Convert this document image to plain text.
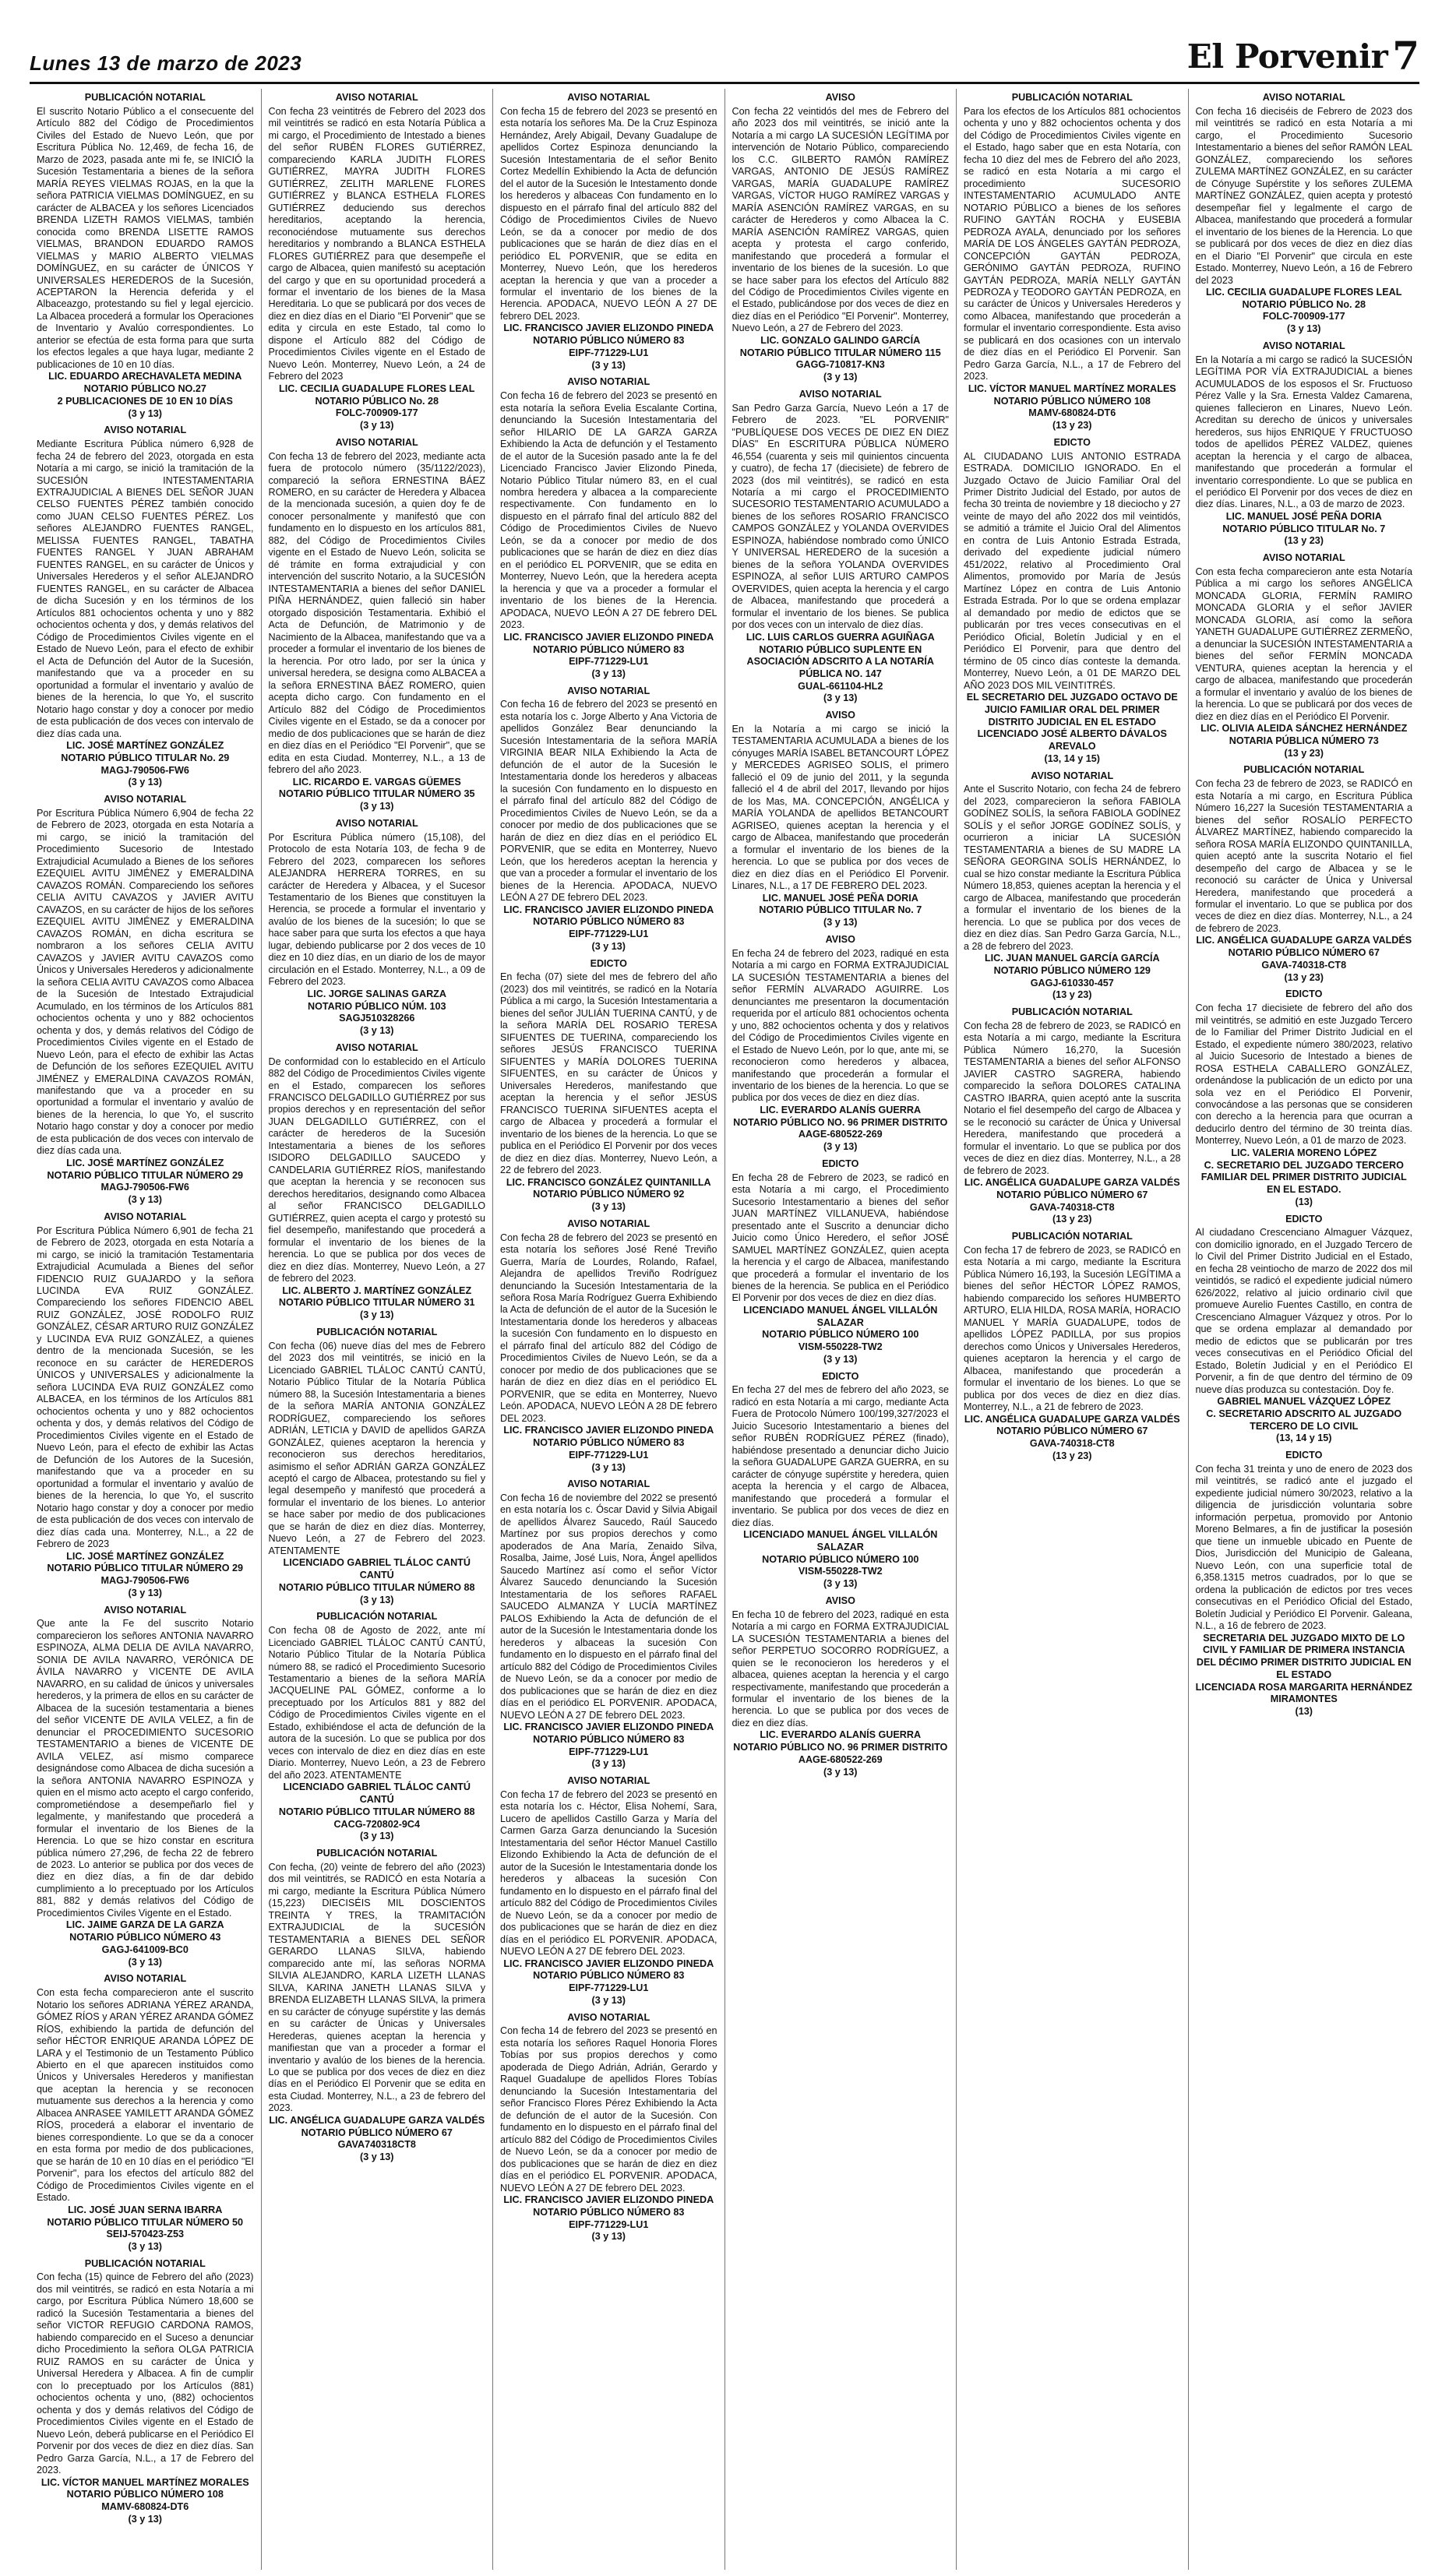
Lunes 13 de marzo de 2023	El Porvenir 7
PUBLICACIÓN NOTARIAL

El suscrito Notario Público a el consecuente del Artículo 882 del Código de Procedimientos Civiles del Estado de Nuevo León, que por Escritura Pública No. 12,469, de fecha 16, de Marzo de 2023, pasada ante mi fe, se INICIÓ la Sucesión Testamentaria a bienes de la señora MARÍA REYES VIELMAS ROJAS, en la que la señora PATRICIA VIELMAS DOMÍNGUEZ, en su carácter de ALBACEA y los señores Licenciados BRENDA LIZETH RAMOS VIELMAS, también conocida como BRENDA LISETTE RAMOS VIELMAS, BRANDON EDUARDO RAMOS VIELMAS y MARIO ALBERTO VIELMAS DOMÍNGUEZ, en su carácter de ÚNICOS Y UNIVERSALES HEREDEROS de la Sucesión, ACEPTARON la Herencia deferida y el Albaceazgo, protestando su fiel y legal ejercicio. La Albacea procederá a formular los Operaciones de Inventario y Avalúo correspondientes. Lo anterior se efectúa de esta forma para que surta los efectos legales a que haya lugar, mediante 2 publicaciones de 10 en 10 días.

LIC. EDUARDO ARECHAVALETA MEDINA
NOTARIO PÚBLICO NO.27
2 PUBLICACIONES DE 10 EN 10 DÍAS
(3 y 13)
AVISO NOTARIAL

Mediante Escritura Pública número 6,928 de fecha 24 de febrero del 2023, otorgada en esta Notaría a mi cargo, se inició la tramitación de la SUCESIÓN INTESTAMENTARIA EXTRAJUDICIAL A BIENES DEL SEÑOR JUAN CELSO FUENTES PÉREZ también conocido como JUAN CELSO FUENTES PÉREZ. Los señores ALEJANDRO FUENTES RANGEL, MELISSA FUENTES RANGEL, TABATHA FUENTES RANGEL Y JUAN ABRAHAM FUENTES RANGEL, en su carácter de Únicos y Universales Herederos y el señor ALEJANDRO FUENTES RANGEL, en su carácter de Albacea de dicha Sucesión y en los términos de los Artículos 881 ochocientos ochenta y uno y 882 ochocientos ochenta y dos, y demás relativos del Código de Procedimientos Civiles vigente en el Estado de Nuevo León, para el efecto de exhibir el Acta de Defunción del Autor de la Sucesión, manifestando que va a proceder en su oportunidad a formular el inventario y avalúo de bienes de la herencia, lo que Yo, el suscrito Notario hago constar y doy a conocer por medio de esta publicación de dos veces con intervalo de diez días cada una.

LIC. JOSÉ MARTÍNEZ GONZÁLEZ
NOTARIO PÚBLICO TITULAR No. 29
MAGJ-790506-FW6
(3 y 13)
AVISO NOTARIAL

Por Escritura Pública Número 6,904 de fecha 22 de Febrero de 2023, otorgada en esta Notaría a mi cargo, se inició la tramitación del Procedimiento Sucesorio de Intestado Extrajudicial Acumulado a Bienes de los señores EZEQUIEL AVITU JIMÉNEZ y EMERALDINA CAVAZOS ROMÁN. Compareciendo los señores CELIA AVITU CAVAZOS y JAVIER AVITU CAVAZOS, en su carácter de hijos de los señores EZEQUIEL AVITU JIMÉNEZ y EMERALDINA CAVAZOS ROMÁN, en dicha escritura se nombraron a los señores CELIA AVITU CAVAZOS y JAVIER AVITU CAVAZOS como Únicos y Universales Herederos y adicionalmente la señora CELIA AVITU CAVAZOS como Albacea de la Sucesión de Intestado Extrajudicial Acumulado, en los términos de los Artículos 881 ochocientos ochenta y uno y 882 ochocientos ochenta y dos, y demás relativos del Código de Procedimientos Civiles vigente en el Estado de Nuevo León, para el efecto de exhibir las Actas de Defunción de los señores EZEQUIEL AVITU JIMÉNEZ y EMERALDINA CAVAZOS ROMÁN, manifestando que va a proceder en su oportunidad a formular el inventario y avalúo de bienes de la herencia, lo que Yo, el suscrito Notario hago constar y doy a conocer por medio de esta publicación de dos veces con intervalo de diez días cada una.

LIC. JOSÉ MARTÍNEZ GONZÁLEZ
NOTARIO PÚBLICO TITULAR NÚMERO 29
MAGJ-790506-FW6
(3 y 13)
AVISO NOTARIAL

Por Escritura Pública Número 6,901 de fecha 21 de Febrero de 2023, otorgada en esta Notaría a mi cargo, se inició la tramitación Testamentaria Extrajudicial Acumulada a Bienes del señor FIDENCIO RUIZ GUAJARDO y la señora LUCINDA EVA RUIZ GONZÁLEZ. Compareciendo los señores FIDENCIO ABEL RUIZ GONZÁLEZ, JOSÉ RODOLFO RUIZ GONZÁLEZ, CÉSAR ARTURO RUIZ GONZÁLEZ y LUCINDA EVA RUIZ GONZÁLEZ, a quienes dentro de la mencionada Sucesión, se les reconoce en su carácter de HEREDEROS ÚNICOS y UNIVERSALES y adicionalmente la señora LUCINDA EVA RUIZ GONZÁLEZ como ALBACEA, en los términos de los Artículos 881 ochocientos ochenta y uno y 882 ochocientos ochenta y dos, y demás relativos del Código de Procedimientos Civiles vigente en el Estado de Nuevo León, para el efecto de exhibir las Actas de Defunción de los Autores de la Sucesión, manifestando que va a proceder en su oportunidad a formular el inventario y avalúo de bienes de la herencia, lo que Yo, el suscrito Notario hago constar y doy a conocer por medio de esta publicación de dos veces con intervalo de diez días cada una. Monterrey, N.L., a 22 de Febrero de 2023

LIC. JOSÉ MARTÍNEZ GONZÁLEZ
NOTARIO PÚBLICO TITULAR NÚMERO 29
MAGJ-790506-FW6
(3 y 13)
AVISO NOTARIAL

Que ante la Fe del suscrito Notario comparecieron los señores ANTONIA NAVARRO ESPINOZA, ALMA DELIA DE AVILA NAVARRO, SONIA DE AVILA NAVARRO, VERÓNICA DE ÁVILA NAVARRO y VICENTE DE AVILA NAVARRO, en su calidad de únicos y universales herederos, y la primera de ellos en su carácter de Albacea de la sucesión testamentaria a bienes del señor VICENTE DE AVILA VELEZ, a fin de denunciar el PROCEDIMIENTO SUCESORIO TESTAMENTARIO a bienes de VICENTE DE AVILA VELEZ, así mismo comparece designándose como Albacea de dicha sucesión a la señora ANTONIA NAVARRO ESPINOZA y quien en el mismo acto acepto el cargo conferido, comprometiéndose a desempeñarlo fiel y legalmente, y manifestando que procederá a formular el inventario de los Bienes de la Herencia. Lo que se hizo constar en escritura pública número 27,296, de fecha 22 de febrero de 2023. Lo anterior se publica por dos veces de diez en diez días, a fin de dar debido cumplimiento a lo preceptuado por los Artículos 881, 882 y demás relativos del Código de Procedimientos Civiles Vigente en el Estado.

LIC. JAIME GARZA DE LA GARZA
NOTARIO PÚBLICO NÚMERO 43
GAGJ-641009-BC0
(3 y 13)
AVISO NOTARIAL

Con esta fecha comparecieron ante el suscrito Notario los señores ADRIANA YÉREZ ARANDA, GÓMEZ RÍOS y ARAN YÉREZ ARANDA GÓMEZ RÍOS, exhibiendo la partida de defunción del señor HÉCTOR ENRIQUE ARANDA LÓPEZ DE LARA y el Testimonio de un Testamento Público Abierto en el que aparecen instituidos como Únicos y Universales Herederos y manifiestan que aceptan la herencia y se reconocen mutuamente sus derechos a la herencia y como Albacea ANRASEE YAMILETT ARANDA GÓMEZ RÍOS, procederá a elaborar el inventario de bienes correspondiente. Lo que se da a conocer en esta forma por medio de dos publicaciones, que se harán de 10 en 10 días en el periódico "El Porvenir", para los efectos del artículo 882 del Código de Procedimientos Civiles vigente en el Estado.

LIC. JOSÉ JUAN SERNA IBARRA
NOTARIO PÚBLICO TITULAR NÚMERO 50
SEIJ-570423-Z53
(3 y 13)
PUBLICACIÓN NOTARIAL

Con fecha (15) quince de Febrero del año (2023) dos mil veintitrés, se radicó en esta Notaría a mi cargo, por Escritura Pública Número 18,600 se radicó la Sucesión Testamentaria a bienes del señor VICTOR REFUGIO CARDONA RAMOS, habiendo comparecido en el Suceso a denunciar dicho Procedimiento la señora OLGA PATRICIA RUIZ RAMOS en su carácter de Única y Universal Heredera y Albacea. A fin de cumplir con lo preceptuado por los Artículos (881) ochocientos ochenta y uno, (882) ochocientos ochenta y dos y demás relativos del Código de Procedimientos Civiles vigente en el Estado de Nuevo León, deberá publicarse en el Periódico El Porvenir por dos veces de diez en diez días. San Pedro Garza García, N.L., a 17 de Febrero del 2023.

LIC. VÍCTOR MANUEL MARTÍNEZ MORALES
NOTARIO PÚBLICO NÚMERO 108
MAMV-680824-DT6
(3 y 13)
AVISO NOTARIAL

Con fecha 23 veintitrés de Febrero del 2023 dos mil veintitrés se radicó en esta Notaría Pública a mi cargo, el Procedimiento de Intestado a bienes del señor RUBÉN FLORES GUTIÉRREZ, compareciendo KARLA JUDITH FLORES GUTIÉRREZ, MAYRA JUDITH FLORES GUTIÉRREZ, ZELITH MARLENE FLORES GUTIÉRREZ y BLANCA ESTHELA FLORES GUTIÉRREZ deduciendo sus derechos hereditarios, aceptando la herencia, reconociéndose mutuamente sus derechos hereditarios y nombrando a BLANCA ESTHELA FLORES GUTIÉRREZ para que desempeñe el cargo de Albacea, quien manifestó su aceptación del cargo y que en su oportunidad procederá a formar el inventario de los bienes de la Masa Hereditaria. Lo que se publicará por dos veces de diez en diez días en el Diario "El Porvenir" que se edita y circula en este Estado, tal como lo dispone el Artículo 882 del Código de Procedimientos Civiles vigente en el Estado de Nuevo León. Monterrey, Nuevo León, a 24 de Febrero del 2023

LIC. CECILIA GUADALUPE FLORES LEAL
NOTARIO PÚBLICO No. 28
FOLC-700909-177
(3 y 13)
AVISO NOTARIAL

Con fecha 13 de febrero del 2023, mediante acta fuera de protocolo número (35/1122/2023), compareció la señora ERNESTINA BÁEZ ROMERO, en su carácter de Heredera y Albacea de la mencionada sucesión, a quien doy fe de conocer personalmente y manifestó que con fundamento en lo dispuesto en los artículos 881, 882, del Código de Procedimientos Civiles vigente en el Estado de Nuevo León, solicita se dé trámite en forma extrajudicial y con intervención del suscrito Notario, a la SUCESIÓN INTESTAMENTARIA a bienes del señor DANIEL PIÑA HERNÁNDEZ, quien falleció sin haber otorgado disposición Testamentaria. Exhibió el Acta de Defunción, de Matrimonio y de Nacimiento de la Albacea, manifestando que va a proceder a formular el inventario de los bienes de la herencia. Por otro lado, por ser la única y universal heredera, se designa como ALBACEA a la señora ERNESTINA BÁEZ ROMERO, quien acepta dicho cargo. Con fundamento en el Artículo 882 del Código de Procedimientos Civiles vigente en el Estado, se da a conocer por medio de dos publicaciones que se harán de diez en diez días en el Periódico "El Porvenir", que se edita en esta Ciudad. Monterrey, N.L., a 13 de febrero del año 2023.

LIC. RICARDO E. VARGAS GÜEMES
NOTARIO PÚBLICO TITULAR NÚMERO 35
(3 y 13)
AVISO NOTARIAL

Por Escritura Pública número (15,108), del Protocolo de esta Notaría 103, de fecha 9 de Febrero del 2023, comparecen los señores ALEJANDRA HERRERA TORRES, en su carácter de Heredera y Albacea, y el Sucesor Testamentario de los Bienes que constituyen la Herencia, se procede a formular el inventario y avalúo de los bienes de la sucesión; lo que se hace saber para que surta los efectos a que haya lugar, debiendo publicarse por 2 dos veces de 10 diez en 10 diez días, en un diario de los de mayor circulación en el Estado. Monterrey, N.L., a 09 de Febrero del 2023.

LIC. JORGE SALINAS GARZA
NOTARIO PÚBLICO NÚM. 103
SAGJ510328266
(3 y 13)
AVISO NOTARIAL

De conformidad con lo establecido en el Artículo 882 del Código de Procedimientos Civiles vigente en el Estado, comparecen los señores FRANCISCO DELGADILLO GUTIÉRREZ por sus propios derechos y en representación del señor JUAN DELGADILLO GUTIÉRREZ, con el carácter de herederos de la Sucesión Intestamentaria a bienes de los señores ISIDORO DELGADILLO SAUCEDO y CANDELARIA GUTIÉRREZ RÍOS, manifestando que aceptan la herencia y se reconocen sus derechos hereditarios, designando como Albacea al señor FRANCISCO DELGADILLO GUTIÉRREZ, quien acepta el cargo y protestó su fiel desempeño, manifestando que procederá a formular el inventario de los bienes de la herencia. Lo que se publica por dos veces de diez en diez días. Monterrey, Nuevo León, a 27 de febrero del 2023.

LIC. ALBERTO J. MARTÍNEZ GONZÁLEZ
NOTARIO PÚBLICO TITULAR NÚMERO 31
(3 y 13)
PUBLICACIÓN NOTARIAL

Con fecha (06) nueve días del mes de Febrero del 2023 dos mil veintitrés, se inició en la Licenciado GABRIEL TLÁLOC CANTÚ CANTÚ, Notario Público Titular de la Notaría Pública número 88, la Sucesión Intestamentaria a bienes de la señora MARÍA ANTONIA GONZÁLEZ RODRÍGUEZ, compareciendo los señores ADRIÁN, LETICIA y DAVID de apellidos GARZA GONZÁLEZ, quienes aceptaron la herencia y reconocieron sus derechos hereditarios, asimismo el señor ADRIÁN GARZA GONZÁLEZ aceptó el cargo de Albacea, protestando su fiel y legal desempeño y manifestó que procederá a formular el inventario de los bienes. Lo anterior se hace saber por medio de dos publicaciones que se harán de diez en diez días. Monterrey, Nuevo León, a 27 de Febrero del 2023. ATENTAMENTE

LICENCIADO GABRIEL TLÁLOC CANTÚ CANTÚ
NOTARIO PÚBLICO TITULAR NÚMERO 88
(3 y 13)
PUBLICACIÓN NOTARIAL

Con fecha 08 de Agosto de 2022, ante mí Licenciado GABRIEL TLÁLOC CANTÚ CANTÚ, Notario Público Titular de la Notaría Pública número 88, se radicó el Procedimiento Sucesorio Testamentario a bienes de la señora MARÍA JACQUELINE PAL GÓMEZ, conforme a lo preceptuado por los Artículos 881 y 882 del Código de Procedimientos Civiles vigente en el Estado, exhibiéndose el acta de defunción de la autora de la sucesión. Lo que se publica por dos veces con intervalo de diez en diez días en este Diario. Monterrey, Nuevo León, a 23 de Febrero del año 2023. ATENTAMENTE

LICENCIADO GABRIEL TLÁLOC CANTÚ CANTÚ
NOTARIO PÚBLICO TITULAR NÚMERO 88
CACG-720802-9C4
(3 y 13)
PUBLICACIÓN NOTARIAL

Con fecha, (20) veinte de febrero del año (2023) dos mil veintitrés, se RADICÓ en esta Notaría a mi cargo, mediante la Escritura Pública Número (15,223) DIECISÉIS MIL DOSCIENTOS TREINTA Y TRES, la TRAMITACIÓN EXTRAJUDICIAL de la SUCESIÓN TESTAMENTARIA a BIENES DEL SEÑOR GERARDO LLANAS SILVA, habiendo comparecido ante mí, las señoras NORMA SILVIA ALEJANDRO, KARLA LIZETH LLANAS SILVA, KARINA JANETH LLANAS SILVA y BRENDA ELIZABETH LLANAS SILVA, la primera en su carácter de cónyuge supérstite y las demás en su carácter de Únicas y Universales Herederas, quienes aceptan la herencia y manifiestan que van a proceder a formar el inventario y avalúo de los bienes de la herencia. Lo que se publica por dos veces de diez en diez días en el Periódico El Porvenir que se edita en esta Ciudad. Monterrey, N.L., a 23 de febrero del 2023.

LIC. ANGÉLICA GUADALUPE GARZA VALDÉS
NOTARIO PÚBLICO NÚMERO 67
GAVA740318CT8
(3 y 13)
AVISO NOTARIAL

Con fecha 15 de febrero del 2023 se presentó en esta notaría los señores Ma. De la Cruz Espinoza Hernández, Arely Abigail, Devany Guadalupe de apellidos Cortez Espinoza denunciando la Sucesión Intestamentaria de el señor Benito Cortez Medellín Exhibiendo la Acta de defunción del el autor de la Sucesión le Intestamento donde los herederos y albaceas Con fundamento en lo dispuesto en el párrafo final del artículo 882 del Código de Procedimientos Civiles de Nuevo León, se da a conocer por medio de dos publicaciones que se harán de diez días en el periódico EL PORVENIR, que se edita en Monterrey, Nuevo León, que los herederos aceptan la herencia y que van a proceder a formular el inventario de los bienes de la Herencia. APODACA, NUEVO LEÓN A 27 DE febrero DEL 2023.

LIC. FRANCISCO JAVIER ELIZONDO PINEDA
NOTARIO PÚBLICO NÚMERO 83
EIPF-771229-LU1
(3 y 13)
AVISO NOTARIAL

Con fecha 16 de febrero del 2023 se presentó en esta notaría la señora Evelia Escalante Cortina, denunciando la Sucesión Intestamentaria del señor HILARIO DE LA GARZA GARZA Exhibiendo la Acta de defunción y el Testamento de el autor de la Sucesión pasado ante la fe del Licenciado Francisco Javier Elizondo Pineda, Notario Público Titular número 83, en el cual nombra heredera y albacea a la compareciente respectivamente. Con fundamento en lo dispuesto en el párrafo final del artículo 882 del Código de Procedimientos Civiles de Nuevo León, se da a conocer por medio de dos publicaciones que se harán de diez en diez días en el periódico EL PORVENIR, que se edita en Monterrey, Nuevo León, que la heredera acepta la herencia y que va a proceder a formular el inventario de los bienes de la Herencia. APODACA, NUEVO LEÓN A 27 DE febrero DEL 2023.

LIC. FRANCISCO JAVIER ELIZONDO PINEDA
NOTARIO PÚBLICO NÚMERO 83
EIPF-771229-LU1
(3 y 13)
AVISO NOTARIAL

Con fecha 16 de febrero del 2023 se presentó en esta notaría los c. Jorge Alberto y Ana Victoria de apellidos González Bear denunciando la Sucesión Intestamentaria de la señora MARÍA VIRGINIA BEAR NILA Exhibiendo la Acta de defunción de el autor de la Sucesión le Intestamentaria donde los herederos y albaceas la sucesión Con fundamento en lo dispuesto en el párrafo final del artículo 882 del Código de Procedimientos Civiles de Nuevo León, se da a conocer por medio de dos publicaciones que se harán de diez en diez días en el periódico EL PORVENIR, que se edita en Monterrey, Nuevo León, que los herederos aceptan la herencia y que van a proceder a formular el inventario de los bienes de la Herencia. APODACA, NUEVO LEÓN A 27 DE febrero DEL 2023.

LIC. FRANCISCO JAVIER ELIZONDO PINEDA
NOTARIO PÚBLICO NÚMERO 83
EIPF-771229-LU1
(3 y 13)
EDICTO

En fecha (07) siete del mes de febrero del año (2023) dos mil veintitrés, se radicó en la Notaría Pública a mi cargo, la Sucesión Intestamentaria a bienes del señor JULIÁN TUERINA CANTÚ, y de la señora MARÍA DEL ROSARIO TERESA SIFUENTES DE TUERINA, compareciendo los señores JESÚS FRANCISCO TUERINA SIFUENTES y MARÍA DOLORES TUERINA SIFUENTES, en su carácter de Únicos y Universales Herederos, manifestando que aceptan la herencia y el señor JESÚS FRANCISCO TUERINA SIFUENTES acepta el cargo de Albacea y procederá a formular el inventario de los bienes de la herencia. Lo que se publica en el Periódico El Porvenir por dos veces de diez en diez días. Monterrey, Nuevo León, a 22 de febrero del 2023.

LIC. FRANCISCO GONZÁLEZ QUINTANILLA
NOTARIO PÚBLICO NÚMERO 92
(3 y 13)
AVISO NOTARIAL

Con fecha 28 de febrero del 2023 se presentó en esta notaría los señores José René Treviño Guerra, María de Lourdes, Rolando, Rafael, Alejandra de apellidos Treviño Rodríguez denunciando la Sucesión Intestamentaria de la señora Rosa María Rodríguez Guerra Exhibiendo la Acta de defunción de el autor de la Sucesión le Intestamentaria donde los herederos y albaceas la sucesión Con fundamento en lo dispuesto en el párrafo final del artículo 882 del Código de Procedimientos Civiles de Nuevo León, se da a conocer por medio de dos publicaciones que se harán de diez en diez días en el periódico EL PORVENIR, que se edita en Monterrey, Nuevo León. APODACA, NUEVO LEÓN A 28 DE febrero DEL 2023.

LIC. FRANCISCO JAVIER ELIZONDO PINEDA
NOTARIO PÚBLICO NÚMERO 83
EIPF-771229-LU1
(3 y 13)
AVISO NOTARIAL

Con fecha 16 de noviembre del 2022 se presentó en esta notaría los c. Óscar David y Silvia Abigail de apellidos Álvarez Saucedo, Raúl Saucedo Martínez por sus propios derechos y como apoderados de Ana María, Zenaido Silva, Rosalba, Jaime, José Luis, Nora, Ángel apellidos Saucedo Martínez así como el señor Víctor Álvarez Saucedo denunciando la Sucesión Intestamentaria de los señores RAFAEL SAUCEDO ALMANZA Y LUCÍA MARTÍNEZ PALOS Exhibiendo la Acta de defunción de el autor de la Sucesión le Intestamentaria donde los herederos y albaceas la sucesión Con fundamento en lo dispuesto en el párrafo final del artículo 882 del Código de Procedimientos Civiles de Nuevo León, se da a conocer por medio de dos publicaciones que se harán de diez en diez días en el periódico EL PORVENIR. APODACA, NUEVO LEÓN A 27 DE febrero DEL 2023.

LIC. FRANCISCO JAVIER ELIZONDO PINEDA
NOTARIO PÚBLICO NÚMERO 83
EIPF-771229-LU1
(3 y 13)
AVISO NOTARIAL

Con fecha 17 de febrero del 2023 se presentó en esta notaría los c. Héctor, Elisa Nohemí, Sara, Lucero de apellidos Castillo Garza y María del Carmen Garza Garza denunciando la Sucesión Intestamentaria del señor Héctor Manuel Castillo Elizondo Exhibiendo la Acta de defunción de el autor de la Sucesión le Intestamentaria donde los herederos y albaceas la sucesión Con fundamento en lo dispuesto en el párrafo final del artículo 882 del Código de Procedimientos Civiles de Nuevo León, se da a conocer por medio de dos publicaciones que se harán de diez en diez días en el periódico EL PORVENIR. APODACA, NUEVO LEÓN A 27 DE febrero DEL 2023.

LIC. FRANCISCO JAVIER ELIZONDO PINEDA
NOTARIO PÚBLICO NÚMERO 83
EIPF-771229-LU1
(3 y 13)
AVISO NOTARIAL

Con fecha 14 de febrero del 2023 se presentó en esta notaría los señores Raquel Honoria Flores Tobías por sus propios derechos y como apoderada de Diego Adrián, Adrián, Gerardo y Raquel Guadalupe de apellidos Flores Tobías denunciando la Sucesión Intestamentaria del señor Francisco Flores Pérez Exhibiendo la Acta de defunción de el autor de la Sucesión. Con fundamento en lo dispuesto en el párrafo final del artículo 882 del Código de Procedimientos Civiles de Nuevo León, se da a conocer por medio de dos publicaciones que se harán de diez en diez días en el periódico EL PORVENIR. APODACA, NUEVO LEÓN A 27 DE febrero DEL 2023.

LIC. FRANCISCO JAVIER ELIZONDO PINEDA
NOTARIO PÚBLICO NÚMERO 83
EIPF-771229-LU1
(3 y 13)
AVISO

Con fecha 22 veintidós del mes de Febrero del año 2023 dos mil veintitrés, se inició ante la Notaría a mi cargo LA SUCESIÓN LEGÍTIMA por intervención de Notario Público, compareciendo los C.C. GILBERTO RAMÓN RAMÍREZ VARGAS, ANTONIO DE JESÚS RAMÍREZ VARGAS, MARÍA GUADALUPE RAMÍREZ VARGAS, VÍCTOR HUGO RAMÍREZ VARGAS y MARÍA ASENCIÓN RAMÍREZ VARGAS, en su carácter de Herederos y como Albacea la C. MARÍA ASENCIÓN RAMÍREZ VARGAS, quien acepta y protesta el cargo conferido, manifestando que procederá a formular el inventario de los bienes de la sucesión. Lo que se hace saber para los efectos del Artículo 882 del Código de Procedimientos Civiles vigente en el Estado, publicándose por dos veces de diez en diez días en el Periódico "El Porvenir". Monterrey, Nuevo León, a 27 de Febrero del 2023.

LIC. GONZALO GALINDO GARCÍA
NOTARIO PÚBLICO TITULAR NÚMERO 115
GAGG-710817-KN3
(3 y 13)
AVISO NOTARIAL

San Pedro Garza García, Nuevo León a 17 de Febrero de 2023. "EL PORVENIR" "PUBLÍQUESE DOS VECES DE DIEZ EN DIEZ DÍAS" En ESCRITURA PÚBLICA NÚMERO 46,554 (cuarenta y seis mil quinientos cincuenta y cuatro), de fecha 17 (diecisiete) de febrero de 2023 (dos mil veintitrés), se radicó en esta Notaría a mi cargo el PROCEDIMIENTO SUCESORIO TESTAMENTARIO ACUMULADO a bienes de los señores ROSARIO FRANCISCO CAMPOS GONZÁLEZ y YOLANDA OVERVIDES ESPINOZA, habiéndose nombrado como ÚNICO Y UNIVERSAL HEREDERO de la sucesión a bienes de la señora YOLANDA OVERVIDES ESPINOZA, al señor LUIS ARTURO CAMPOS OVERVIDES, quien acepta la herencia y el cargo de Albacea, manifestando que procederá a formular el inventario de los bienes. Se publica por dos veces con un intervalo de diez días.

LIC. LUIS CARLOS GUERRA AGUIÑAGA
NOTARIO PÚBLICO SUPLENTE EN ASOCIACIÓN ADSCRITO A LA NOTARÍA PÚBLICA NO. 147
GUAL-661104-HL2
(3 y 13)
AVISO

En la Notaría a mi cargo se inició la TESTAMENTARIA ACUMULADA a bienes de los cónyuges MARÍA ISABEL BETANCOURT LÓPEZ y MERCEDES AGRISEO SOLIS, el primero falleció el 09 de junio del 2011, y la segunda falleció el 4 de abril del 2017, llevando por hijos de los Mas, MA. CONCEPCIÓN, ANGÉLICA y MARÍA YOLANDA de apellidos BETANCOURT AGRISEO, quienes aceptan la herencia y el cargo de Albacea, manifestando que procederán a formular el inventario de los bienes de la herencia. Lo que se publica por dos veces de diez en diez días en el Periódico El Porvenir. Linares, N.L., a 17 DE FEBRERO DEL 2023.

LIC. MANUEL JOSÉ PEÑA DORIA
NOTARIO PÚBLICO TITULAR No. 7
(3 y 13)
AVISO

En fecha 24 de febrero del 2023, radiqué en esta Notaría a mi cargo en FORMA EXTRAJUDICIAL LA SUCESIÓN TESTAMENTARIA a bienes del señor FERMÍN ALVARADO AGUIRRE. Los denunciantes me presentaron la documentación requerida por el artículo 881 ochocientos ochenta y uno, 882 ochocientos ochenta y dos y relativos del Código de Procedimientos Civiles vigente en el Estado de Nuevo León, por lo que, ante mi, se reconocieron como herederos y albacea, manifestando que procederán a formular el inventario de los bienes de la herencia. Lo que se publica por dos veces de diez en diez días.

LIC. EVERARDO ALANÍS GUERRA
NOTARIO PÚBLICO NO. 96 PRIMER DISTRITO
AAGE-680522-269
(3 y 13)
EDICTO

En fecha 28 de Febrero de 2023, se radicó en esta Notaría a mi cargo, el Procedimiento Sucesorio Intestamentario a bienes del señor JUAN MARTÍNEZ VILLANUEVA, habiéndose presentado ante el Suscrito a denunciar dicho Juicio como Único Heredero, el señor JOSÉ SAMUEL MARTÍNEZ GONZÁLEZ, quien acepta la herencia y el cargo de Albacea, manifestando que procederá a formular el inventario de los bienes de la herencia. Se publica en el Periódico El Porvenir por dos veces de diez en diez días.

LICENCIADO MANUEL ÁNGEL VILLALÓN SALAZAR
NOTARIO PÚBLICO NÚMERO 100
VISM-550228-TW2
(3 y 13)
EDICTO

En fecha 27 del mes de febrero del año 2023, se radicó en esta Notaría a mi cargo, mediante Acta Fuera de Protocolo Número 100/199,327/2023 el Juicio Sucesorio Intestamentario a bienes del señor RUBÉN RODRÍGUEZ PÉREZ (finado), habiéndose presentado a denunciar dicho Juicio la señora GUADALUPE GARZA GUERRA, en su carácter de cónyuge supérstite y heredera, quien acepta la herencia y el cargo de Albacea, manifestando que procederá a formular el inventario. Se publica por dos veces de diez en diez días.

LICENCIADO MANUEL ÁNGEL VILLALÓN SALAZAR
NOTARIO PÚBLICO NÚMERO 100
VISM-550228-TW2
(3 y 13)
AVISO

En fecha 10 de febrero del 2023, radiqué en esta Notaría a mi cargo en FORMA EXTRAJUDICIAL LA SUCESIÓN TESTAMENTARIA a bienes del señor PERPETUO SOCORRO RODRÍGUEZ, a quien se le reconocieron los herederos y el albacea, quienes aceptan la herencia y el cargo respectivamente, manifestando que procederán a formular el inventario de los bienes de la herencia. Lo que se publica por dos veces de diez en diez días.

LIC. EVERARDO ALANÍS GUERRA
NOTARIO PÚBLICO NO. 96 PRIMER DISTRITO
AAGE-680522-269
(3 y 13)
PUBLICACIÓN NOTARIAL

Para los efectos de los Artículos 881 ochocientos ochenta y uno y 882 ochocientos ochenta y dos del Código de Procedimientos Civiles vigente en el Estado, hago saber que en esta Notaría, con fecha 10 diez del mes de Febrero del año 2023, se radicó en esta Notaría a mi cargo el procedimiento SUCESORIO INTESTAMENTARIO ACUMULADO ANTE NOTARIO PÚBLICO a bienes de los señores RUFINO GAYTÁN ROCHA y EUSEBIA PEDROZA AYALA, denunciado por los señores MARÍA DE LOS ÁNGELES GAYTÁN PEDROZA, CONCEPCIÓN GAYTÁN PEDROZA, GERÓNIMO GAYTÁN PEDROZA, RUFINO GAYTÁN PEDROZA, MARÍA NELLY GAYTÁN PEDROZA y TEODORO GAYTÁN PEDROZA, en su carácter de Únicos y Universales Herederos y como Albacea, manifestando que procederán a formular el inventario correspondiente. Esta aviso se publicará en dos ocasiones con un intervalo de diez días en el Periódico El Porvenir. San Pedro Garza García, N.L., a 17 de Febrero del 2023.

LIC. VÍCTOR MANUEL MARTÍNEZ MORALES
NOTARIO PÚBLICO NÚMERO 108
MAMV-680824-DT6
(13 y 23)
EDICTO

AL CIUDADANO LUIS ANTONIO ESTRADA ESTRADA. DOMICILIO IGNORADO. En el Juzgado Octavo de Juicio Familiar Oral del Primer Distrito Judicial del Estado, por autos de fecha 30 treinta de noviembre y 18 dieciocho y 27 veinte de mayo del año 2022 dos mil veintidós, se admitió a trámite el Juicio Oral del Alimentos en contra de Luis Antonio Estrada Estrada, derivado del expediente judicial número 451/2022, relativo al Procedimiento Oral Alimentos, promovido por María de Jesús Martínez López en contra de Luis Antonio Estrada Estrada. Por lo que se ordena emplazar al demandado por medio de edictos que se publicarán por tres veces consecutivas en el Periódico Oficial, Boletín Judicial y en el Periódico El Porvenir, para que dentro del término de 05 cinco días conteste la demanda. Monterrey, Nuevo León, a 01 DE MARZO DEL AÑO 2023 DOS MIL VEINTITRÉS.

EL SECRETARIO DEL JUZGADO OCTAVO DE JUICIO FAMILIAR ORAL DEL PRIMER DISTRITO JUDICIAL EN EL ESTADO
LICENCIADO JOSÉ ALBERTO DÁVALOS AREVALO
(13, 14 y 15)
AVISO NOTARIAL

Ante el Suscrito Notario, con fecha 24 de febrero del 2023, comparecieron la señora FABIOLA GODÍNEZ SOLÍS, la señora FABIOLA GODÍNEZ SOLÍS y el señor JORGE GODÍNEZ SOLÍS, y ocurrieron a iniciar LA SUCESIÓN TESTAMENTARIA a bienes de SU MADRE LA SEÑORA GEORGINA SOLÍS HERNÁNDEZ, lo cual se hizo constar mediante la Escritura Pública Número 18,853, quienes aceptan la herencia y el cargo de Albacea, manifestando que procederán a formular el inventario de los bienes de la herencia. Lo que se publica por dos veces de diez en diez días. San Pedro Garza García, N.L., a 28 de febrero del 2023.

LIC. JUAN MANUEL GARCÍA GARCÍA
NOTARIO PÚBLICO NÚMERO 129
GAGJ-610330-457
(13 y 23)
PUBLICACIÓN NOTARIAL

Con fecha 28 de febrero de 2023, se RADICÓ en esta Notaría a mi cargo, mediante la Escritura Pública Número 16,270, la Sucesión TESTAMENTARIA a bienes del señor ALFONSO JAVIER CASTRO SAGRERA, habiendo comparecido la señora DOLORES CATALINA CASTRO IBARRA, quien aceptó ante la suscrita Notario el fiel desempeño del cargo de Albacea y se le reconoció su carácter de Única y Universal Heredera, manifestando que procederá a formular el inventario. Lo que se publica por dos veces de diez en diez días. Monterrey, N.L., a 28 de febrero de 2023.

LIC. ANGÉLICA GUADALUPE GARZA VALDÉS
NOTARIO PÚBLICO NÚMERO 67
GAVA-740318-CT8
(13 y 23)
PUBLICACIÓN NOTARIAL

Con fecha 17 de febrero de 2023, se RADICÓ en esta Notaría a mi cargo, mediante la Escritura Pública Número 16,193, la Sucesión LEGÍTIMA a bienes del señor HÉCTOR LÓPEZ RAMOS, habiendo comparecido los señores HUMBERTO ARTURO, ELIA HILDA, ROSA MARÍA, HORACIO MANUEL Y MARÍA GUADALUPE, todos de apellidos LÓPEZ PADILLA, por sus propios derechos como Únicos y Universales Herederos, quienes aceptaron la herencia y el cargo de Albacea, manifestando que procederán a formular el inventario de los bienes. Lo que se publica por dos veces de diez en diez días. Monterrey, N.L., a 21 de febrero de 2023.

LIC. ANGÉLICA GUADALUPE GARZA VALDÉS
NOTARIO PÚBLICO NÚMERO 67
GAVA-740318-CT8
(13 y 23)
AVISO NOTARIAL

Con fecha 16 dieciséis de Febrero de 2023 dos mil veintitrés se radicó en esta Notaría a mi cargo, el Procedimiento Sucesorio Intestamentario a bienes del señor RAMÓN LEAL GONZÁLEZ, compareciendo los señores ZULEMA MARTÍNEZ GONZÁLEZ, en su carácter de Cónyuge Supérstite y los señores ZULEMA MARTÍNEZ GONZÁLEZ, quien acepta y protestó desempeñar fiel y legalmente el cargo de Albacea, manifestando que procederá a formular el inventario de los bienes de la Herencia. Lo que se publicará por dos veces de diez en diez días en el Diario "El Porvenir" que circula en este Estado. Monterrey, Nuevo León, a 16 de Febrero del 2023

LIC. CECILIA GUADALUPE FLORES LEAL
NOTARIO PÚBLICO No. 28
FOLC-700909-177
(3 y 13)
AVISO NOTARIAL

En la Notaría a mi cargo se radicó la SUCESIÓN LEGÍTIMA POR VÍA EXTRAJUDICIAL a bienes ACUMULADOS de los esposos el Sr. Fructuoso Pérez Valle y la Sra. Ernesta Valdez Camarena, quienes fallecieron en Linares, Nuevo León. Acreditan su derecho de únicos y universales herederos, sus hijos ENRIQUE Y FRUCTUOSO todos de apellidos PÉREZ VALDEZ, quienes aceptan la herencia y el cargo de albacea, manifestando que procederán a formular el inventario correspondiente. Lo que se publica en el periódico El Porvenir por dos veces de diez en diez días. Linares, N.L., a 03 de marzo de 2023.

LIC. MANUEL JOSÉ PEÑA DORIA
NOTARIO PÚBLICO TITULAR No. 7
(13 y 23)
AVISO NOTARIAL

Con esta fecha comparecieron ante esta Notaría Pública a mi cargo los señores ANGÉLICA MONCADA GLORIA, FERMÍN RAMIRO MONCADA GLORIA y el señor JAVIER MONCADA GLORIA, así como la señora YANETH GUADALUPE GUTIÉRREZ ZERMEÑO, a denunciar la SUCESIÓN INTESTAMENTARIA a bienes del señor FERMÍN MONCADA VENTURA, quienes aceptan la herencia y el cargo de albacea, manifestando que procederán a formular el inventario y avalúo de los bienes de la herencia. Lo que se publicará por dos veces de diez en diez días en el Periódico El Porvenir.

LIC. OLIVIA ALEIDA SÁNCHEZ HERNÁNDEZ
NOTARIA PÚBLICA NÚMERO 73
(13 y 23)
PUBLICACIÓN NOTARIAL

Con fecha 23 de febrero de 2023, se RADICÓ en esta Notaría a mi cargo, en Escritura Pública Número 16,227 la Sucesión TESTAMENTARIA a bienes del señor ROSALÍO PERFECTO ÁLVAREZ MARTÍNEZ, habiendo comparecido la señora ROSA MARÍA ELIZONDO QUINTANILLA, quien aceptó ante la suscrita Notario el fiel desempeño del cargo de Albacea y se le reconoció su carácter de Única y Universal Heredera, manifestando que procederá a formular el inventario. Lo que se publica por dos veces de diez en diez días. Monterrey, N.L., a 24 de febrero de 2023.

LIC. ANGÉLICA GUADALUPE GARZA VALDÉS
NOTARIO PÚBLICO NÚMERO 67
GAVA-740318-CT8
(13 y 23)
EDICTO

Con fecha 17 diecisiete de febrero del año dos mil veintitrés, se admitió en este Juzgado Tercero de lo Familiar del Primer Distrito Judicial en el Estado, el expediente número 380/2023, relativo al Juicio Sucesorio de Intestado a bienes de ROSA ESTHELA CABALLERO GONZÁLEZ, ordenándose la publicación de un edicto por una sola vez en el Periódico El Porvenir, convocándose a las personas que se consideren con derecho a la herencia para que ocurran a deducirlo dentro del término de 30 treinta días. Monterrey, Nuevo León, a 01 de marzo de 2023.

LIC. VALERIA MORENO LÓPEZ
C. SECRETARIO DEL JUZGADO TERCERO FAMILIAR DEL PRIMER DISTRITO JUDICIAL EN EL ESTADO.
(13)
EDICTO

Al ciudadano Crescenciano Almaguer Vázquez, con domicilio ignorado, en el Juzgado Tercero de lo Civil del Primer Distrito Judicial en el Estado, en fecha 28 veintiocho de marzo de 2022 dos mil veintidós, se radicó el expediente judicial número 626/2022, relativo al juicio ordinario civil que promueve Aurelio Fuentes Castillo, en contra de Crescenciano Almaguer Vázquez y otros. Por lo que se ordena emplazar al demandado por medio de edictos que se publicarán por tres veces consecutivas en el Periódico Oficial del Estado, Boletín Judicial y en el Periódico El Porvenir, a fin de que dentro del término de 09 nueve días produzca su contestación. Doy fe.

GABRIEL MANUEL VÁZQUEZ LÓPEZ
C. SECRETARIO ADSCRITO AL JUZGADO TERCERO DE LO CIVIL
(13, 14 y 15)
EDICTO

Con fecha 31 treinta y uno de enero de 2023 dos mil veintitrés, se radicó ante el juzgado el expediente judicial número 30/2023, relativo a la diligencia de jurisdicción voluntaria sobre información perpetua, promovido por Antonio Moreno Belmares, a fin de justificar la posesión que tiene un inmueble ubicado en Puente de Dios, Jurisdicción del Municipio de Galeana, Nuevo León, con una superficie total de 6,358.1315 metros cuadrados, por lo que se ordena la publicación de edictos por tres veces consecutivas en el Periódico Oficial del Estado, Boletín Judicial y Periódico El Porvenir. Galeana, N.L., a 16 de febrero de 2023.

SECRETARIA DEL JUZGADO MIXTO DE LO CIVIL Y FAMILIAR DE PRIMERA INSTANCIA DEL DÉCIMO PRIMER DISTRITO JUDICIAL EN EL ESTADO
LICENCIADA ROSA MARGARITA HERNÁNDEZ MIRAMONTES
(13)
